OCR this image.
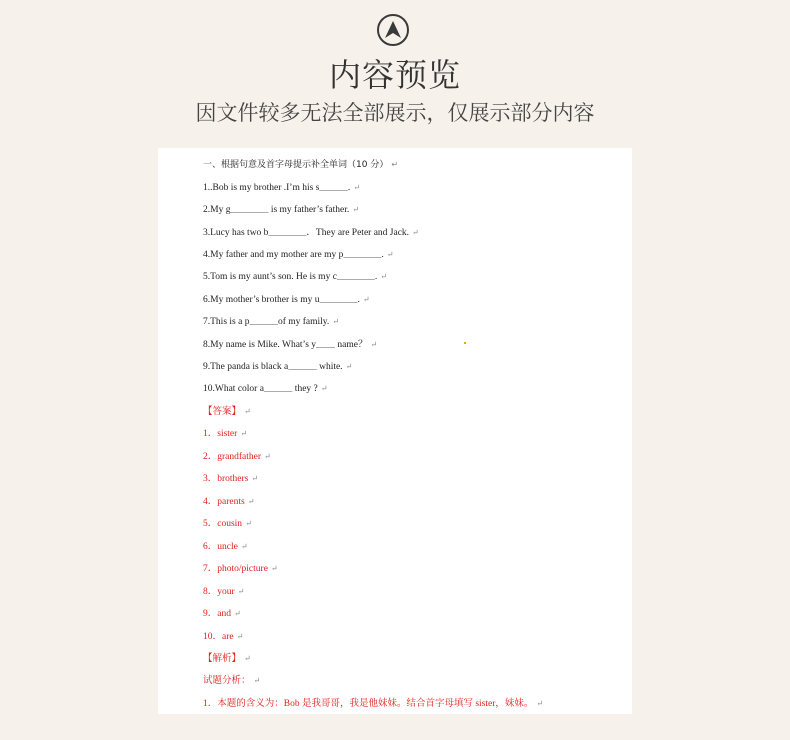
内容预览
因文件较多无法全部展示，仅展示部分内容
一、根据句意及首字母提示补全单词（10 分） ↵
1..Bob is my brother .I’m his s＿＿＿. ↵
2.My g＿＿＿＿ is my father’s father. ↵
3.Lucy has two b＿＿＿＿．They are Peter and Jack. ↵
4.My father and my mother are my p＿＿＿＿. ↵
5.Tom is my aunt’s son. He is my c＿＿＿＿. ↵
6.My mother’s brother is my u＿＿＿＿. ↵
7.This is a p＿＿＿of my family. ↵
8.My name is Mike. What’s y＿＿ name？ ↵
9.The panda is black a＿＿＿ white. ↵
10.What color a＿＿＿ they ? ↵
【答案】 ↵
1．sister ↵
2．grandfather ↵
3．brothers ↵
4．parents ↵
5．cousin ↵
6．uncle ↵
7．photo/picture ↵
8．your ↵
9．and ↵
10．are ↵
【解析】 ↵
试题分析： ↵
1．本题的含义为：Bob 是我哥哥，我是他妹妹。结合首字母填写 sister，妹妹。 ↵
